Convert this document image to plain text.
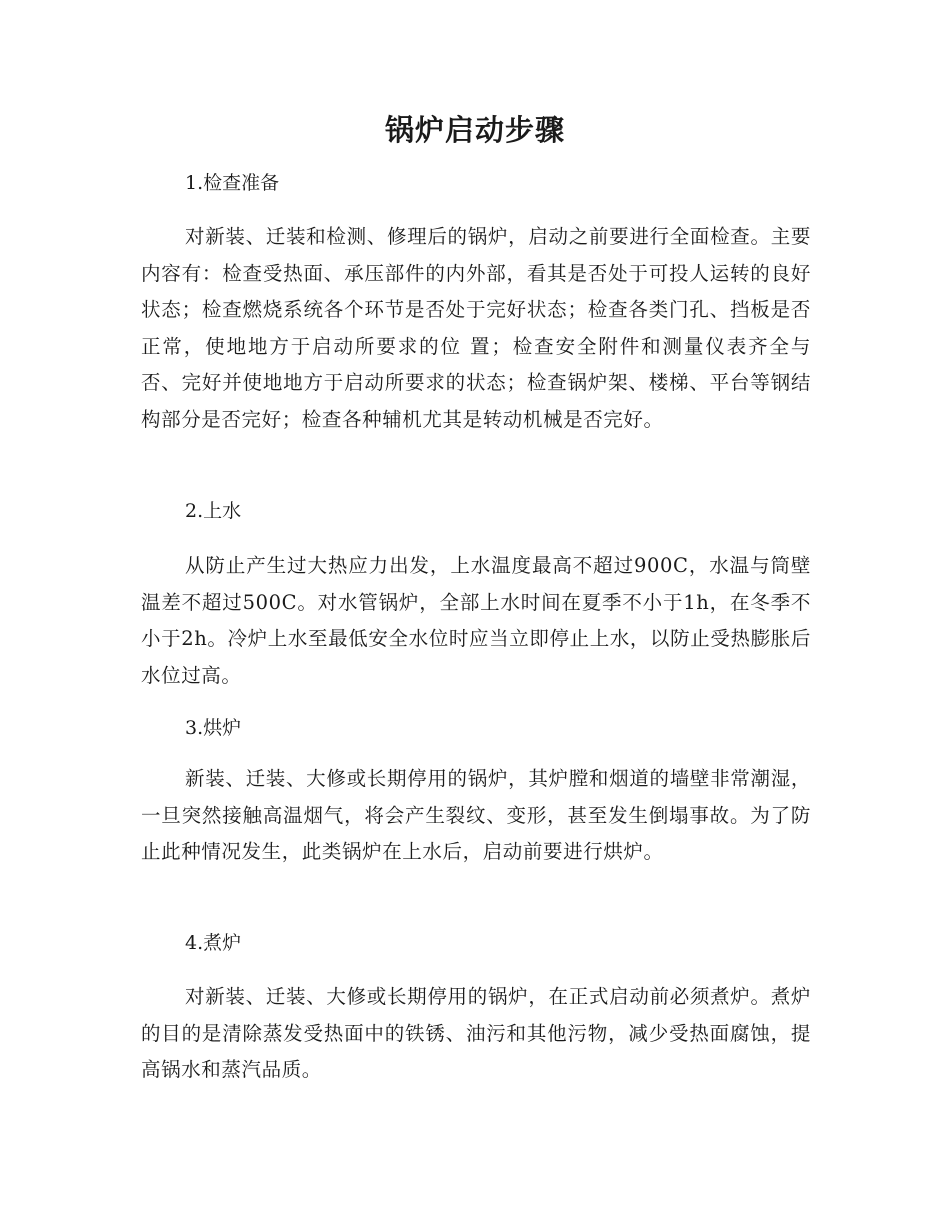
锅炉启动步骤
1.检查准备

对新装、迁装和检测、修理后的锅炉，启动之前要进行全面检查。主要内容有：检查受热面、承压部件的内外部，看其是否处于可投人运转的良好状态；检查燃烧系统各个环节是否处于完好状态；检查各类门孔、挡板是否正常，使地地方于启动所要求的位 置；检查安全附件和测量仪表齐全与否、完好并使地地方于启动所要求的状态；检查锅炉架、楼梯、平台等钢结构部分是否完好；检查各种辅机尤其是转动机械是否完好。

2.上水

从防止产生过大热应力出发，上水温度最高不超过900C，水温与筒壁温差不超过500C。对水管锅炉，全部上水时间在夏季不小于1h，在冬季不小于2h。冷炉上水至最低安全水位时应当立即停止上水，以防止受热膨胀后水位过高。

3.烘炉

新装、迁装、大修或长期停用的锅炉，其炉膛和烟道的墙壁非常潮湿，一旦突然接触高温烟气，将会产生裂纹、变形，甚至发生倒塌事故。为了防止此种情况发生，此类锅炉在上水后，启动前要进行烘炉。

4.煮炉

对新装、迁装、大修或长期停用的锅炉，在正式启动前必须煮炉。煮炉的目的是清除蒸发受热面中的铁锈、油污和其他污物，减少受热面腐蚀，提高锅水和蒸汽品质。
